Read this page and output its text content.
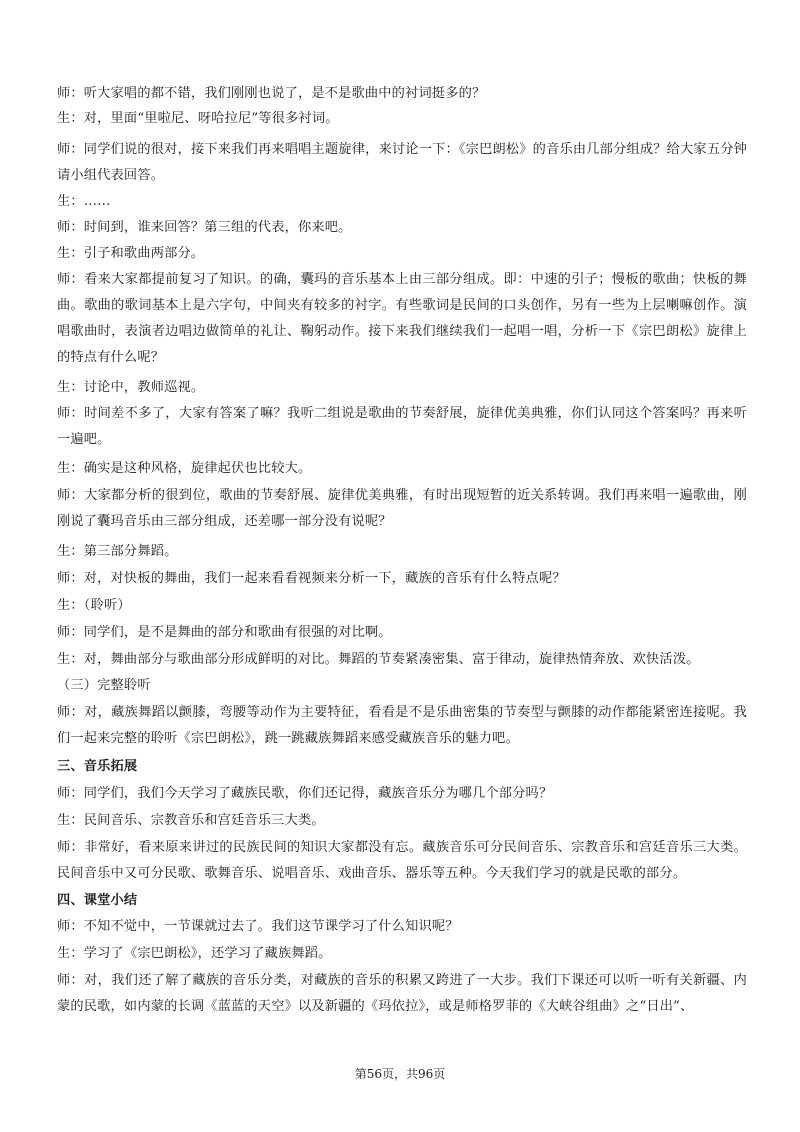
师：听大家唱的都不错，我们刚刚也说了，是不是歌曲中的衬词挺多的？

生：对，里面“里啦尼、呀哈拉尼”等很多衬词。

师：同学们说的很对，接下来我们再来唱唱主题旋律，来讨论一下：《宗巴朗松》的音乐由几部分组成？给大家五分钟请小组代表回答。

生：……

师：时间到，谁来回答？第三组的代表，你来吧。

生：引子和歌曲两部分。

师：看来大家都提前复习了知识。的确，囊玛的音乐基本上由三部分组成。即：中速的引子；慢板的歌曲；快板的舞曲。歌曲的歌词基本上是六字句，中间夹有较多的衬字。有些歌词是民间的口头创作，另有一些为上层喇嘛创作。演唱歌曲时，表演者边唱边做简单的礼让、鞠躬动作。接下来我们继续我们一起唱一唱，分析一下《宗巴朗松》旋律上的特点有什么呢？

生：讨论中，教师巡视。

师：时间差不多了，大家有答案了嘛？我听二组说是歌曲的节奏舒展，旋律优美典雅，你们认同这个答案吗？再来听一遍吧。

生：确实是这种风格，旋律起伏也比较大。

师：大家都分析的很到位，歌曲的节奏舒展、旋律优美典雅，有时出现短暂的近关系转调。我们再来唱一遍歌曲，刚刚说了囊玛音乐由三部分组成，还差哪一部分没有说呢？

生：第三部分舞蹈。

师：对，对快板的舞曲，我们一起来看看视频来分析一下，藏族的音乐有什么特点呢？

生：（聆听）

师：同学们，是不是舞曲的部分和歌曲有很强的对比啊。

生：对，舞曲部分与歌曲部分形成鲜明的对比。舞蹈的节奏紧凑密集、富于律动，旋律热情奔放、欢快活泼。

（三）完整聆听

师：对，藏族舞蹈以颤膝，弯腰等动作为主要特征，看看是不是乐曲密集的节奏型与颤膝的动作都能紧密连接呢。我们一起来完整的聆听《宗巴朗松》，跳一跳藏族舞蹈来感受藏族音乐的魅力吧。

三、音乐拓展

师：同学们，我们今天学习了藏族民歌，你们还记得，藏族音乐分为哪几个部分吗？

生：民间音乐、宗教音乐和宫廷音乐三大类。

师：非常好，看来原来讲过的民族民间的知识大家都没有忘。藏族音乐可分民间音乐、宗教音乐和宫廷音乐三大类。民间音乐中又可分民歌、歌舞音乐、说唱音乐、戏曲音乐、器乐等五种。今天我们学习的就是民歌的部分。

四、课堂小结

师：不知不觉中，一节课就过去了。我们这节课学习了什么知识呢？

生：学习了《宗巴朗松》，还学习了藏族舞蹈。

师：对，我们还了解了藏族的音乐分类，对藏族的音乐的积累又跨进了一大步。我们下课还可以听一听有关新疆、内蒙的民歌，如内蒙的长调《蓝蓝的天空》以及新疆的《玛依拉》，或是师格罗菲的《大峡谷组曲》之“日出”、

第56页，共96页
